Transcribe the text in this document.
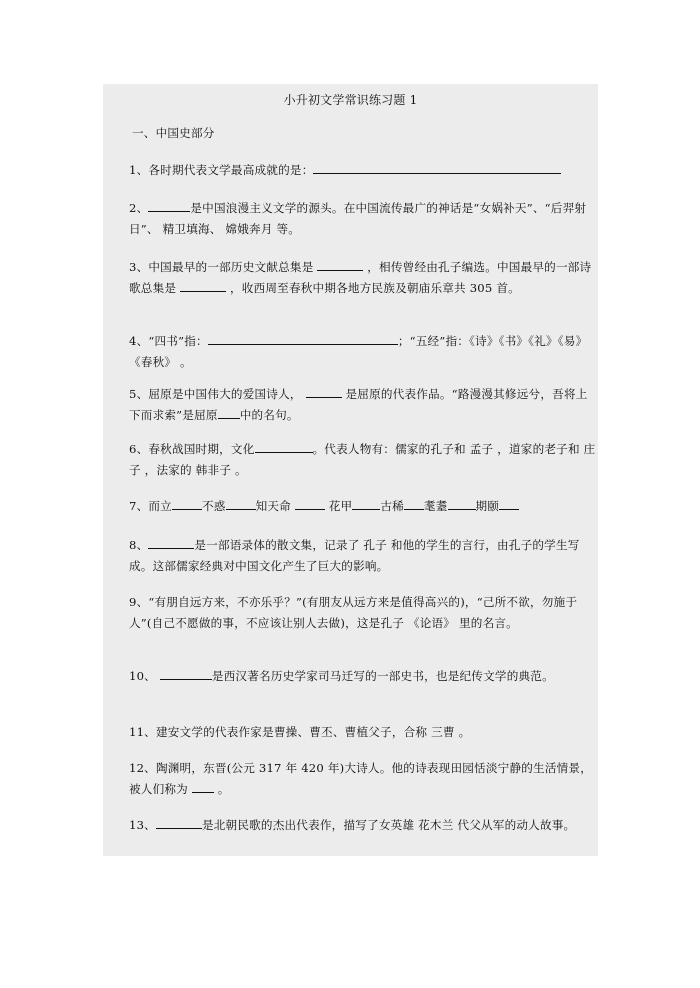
小升初文学常识练习题 1
一、中国史部分
1、各时期代表文学最高成就的是：
2、	是中国浪漫主义文学的源头。在中国流传最广的神话是“女娲补天”、“后羿射日”、 精卫填海、 嫦娥奔月 等。
3、中国最早的一部历史文献总集是	，相传曾经由孔子编选。中国最早的一部诗歌总集是	，收西周至春秋中期各地方民族及朝庙乐章共 305 首。
4、“四书”指：	；“五经”指：《诗》《书》《礼》《易》 《春秋》 。
5、屈原是中国伟大的爱国诗人，	是屈原的代表作品。“路漫漫其修远兮，吾将上下而求索”是屈原 中的名句。
6、春秋战国时期，文化	。代表人物有：儒家的孔子和 孟子 ，道家的老子和 庄子 ，法家的 韩非子 。
7、而立	不惑	知天命	花甲 古稀 耄耋 期颐
8、	是一部语录体的散文集，记录了 孔子 和他的学生的言行，由孔子的学生写成。这部儒家经典对中国文化产生了巨大的影响。
9、“有朋自远方来，不亦乐乎？”(有朋友从远方来是值得高兴的)，“己所不欲，勿施于人”(自己不愿做的事，不应该让别人去做)，这是孔子 《论语》 里的名言。
10、	是西汉著名历史学家司马迁写的一部史书，也是纪传文学的典范。
11、建安文学的代表作家是曹操、曹丕、曹植父子，合称 三曹 。
12、陶渊明，东晋(公元 317 年 420 年)大诗人。他的诗表现田园恬淡宁静的生活情景，被人们称为	。
13、	是北朝民歌的杰出代表作，描写了女英雄 花木兰 代父从军的动人故事。
